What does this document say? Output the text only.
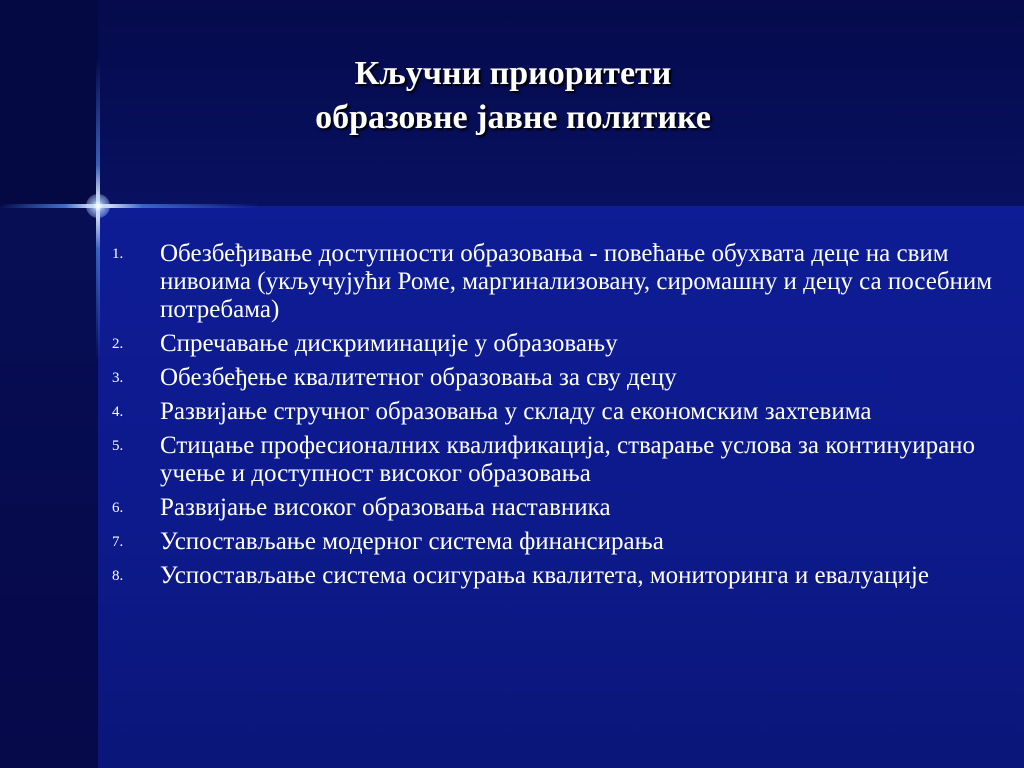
Кључни приоритети
образовне јавне политике
1.	Обезбеђивање доступности образовања - повећање обухвата деце на свим нивоима (укључујући Роме, маргинализовану, сиромашну и децу са посебним потребама)
2.	Спречавање дискриминације у образовању
3.	Обезбеђење квалитетног образовања за сву децу
4.	Развијање стручног образовања у складу са економским захтевима
5.	Стицање професионалних квалификација, стварање услова за континуирано учење и доступност високог образовања
6.	Развијање високог образовања наставника
7.	Успостављање модерног система финансирања
8.	Успостављање система осигурања квалитета, мониторинга и евалуације
